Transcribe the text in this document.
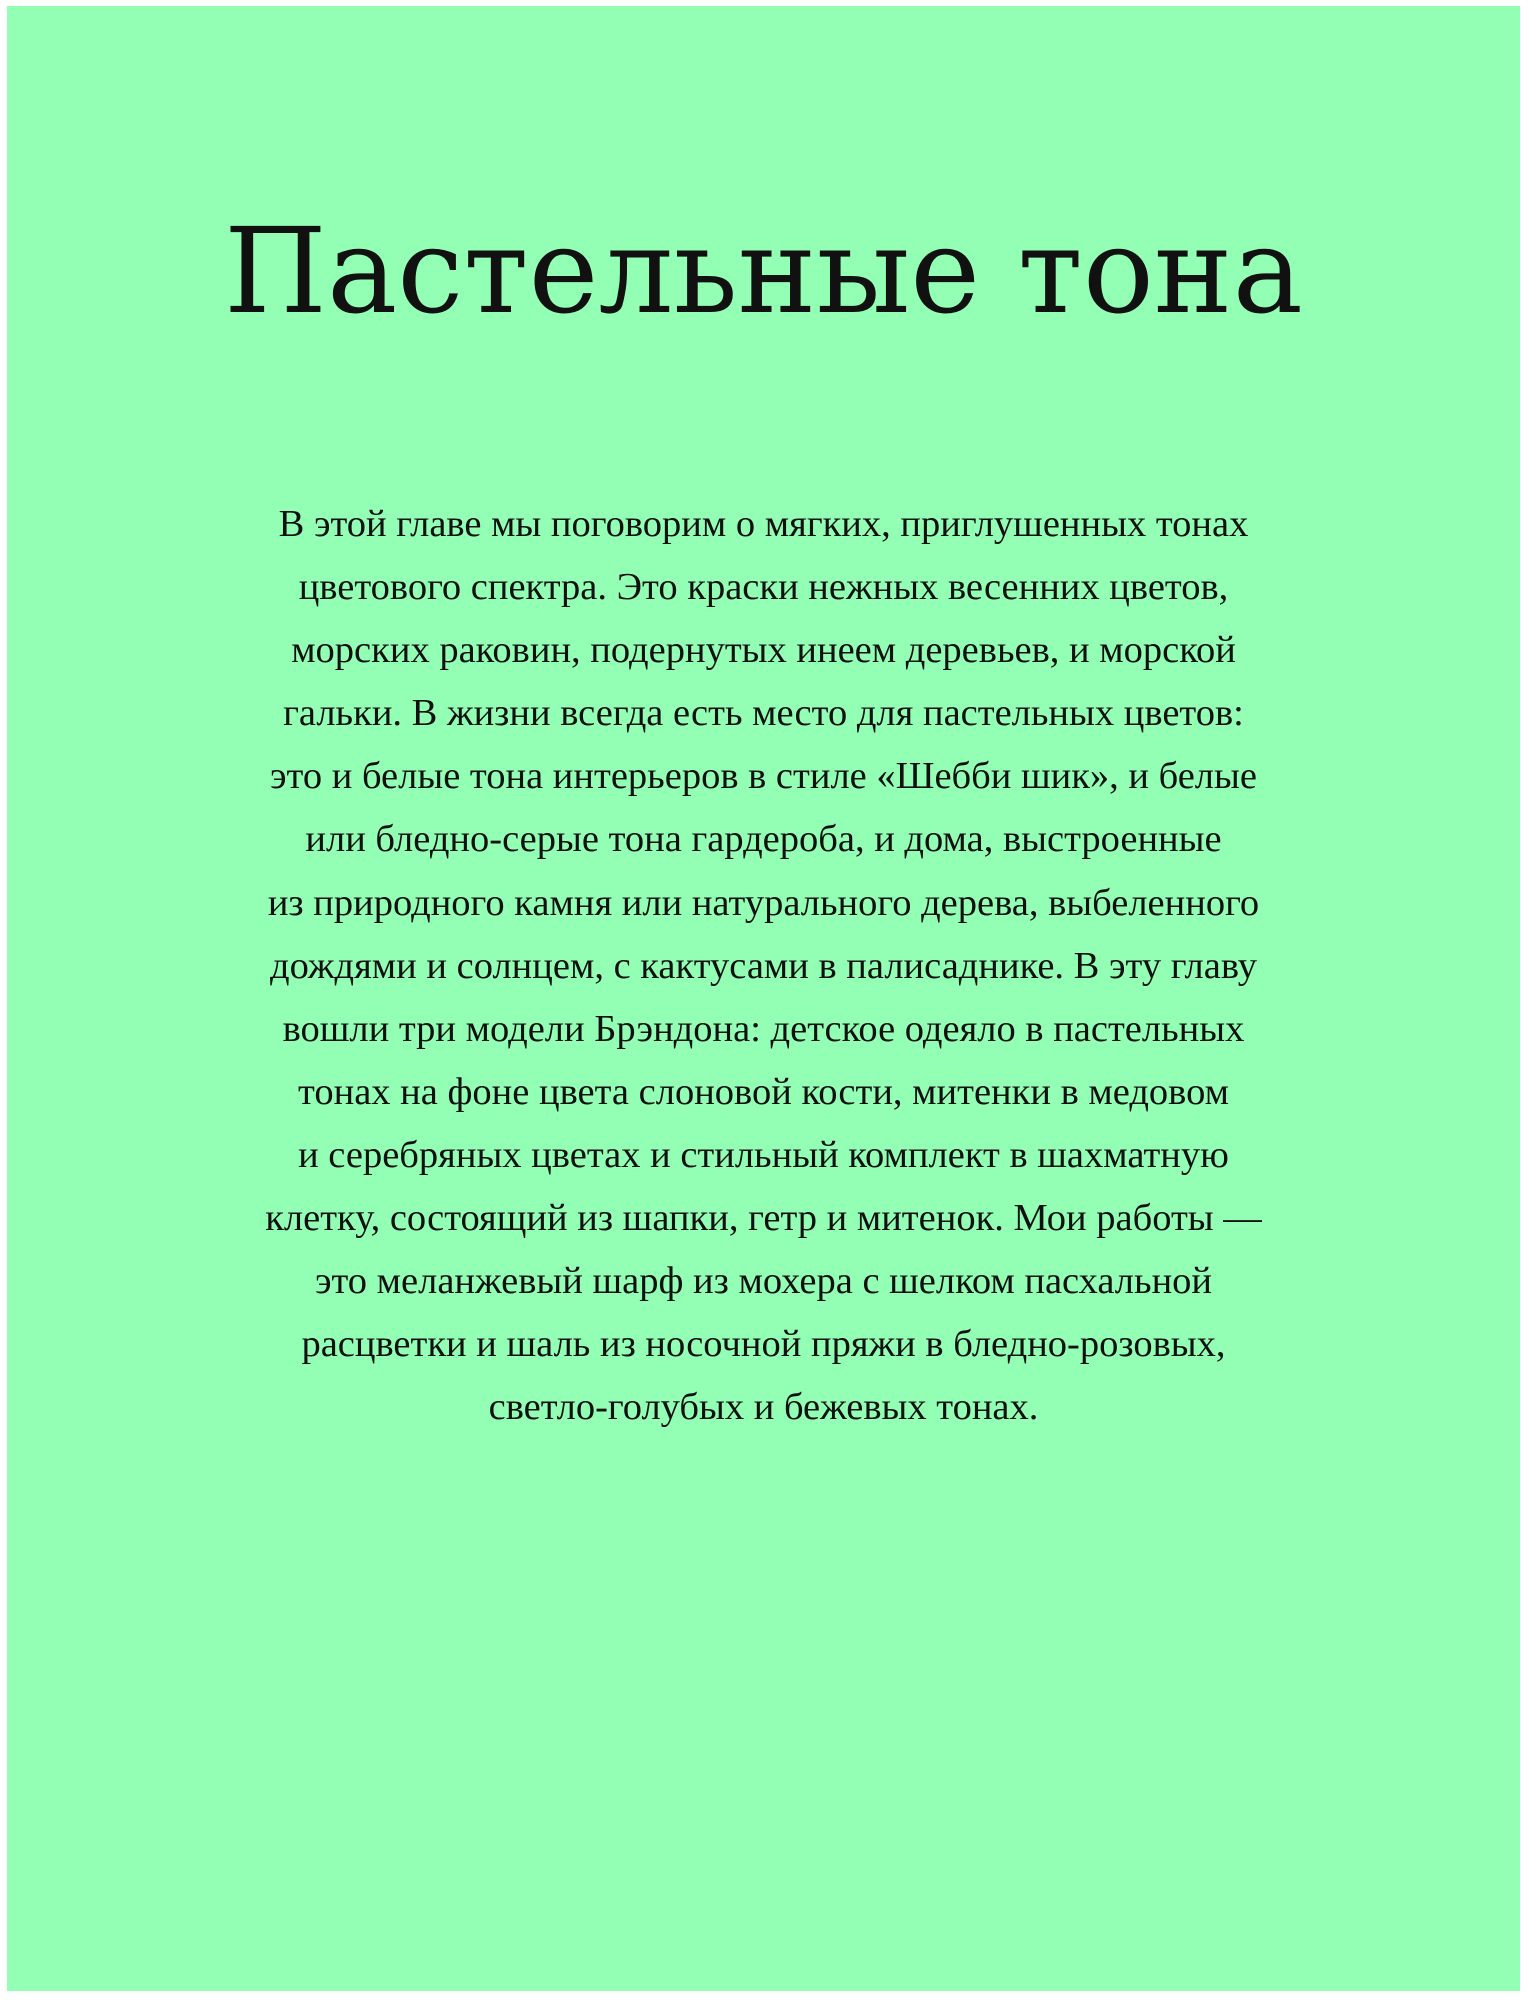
Пастельные тона
В этой главе мы поговорим о мягких, приглушенных тонах
цветового спектра. Это краски нежных весенних цветов,
морских раковин, подернутых инеем деревьев, и морской
гальки. В жизни всегда есть место для пастельных цветов:
это и белые тона интерьеров в стиле «Шебби шик», и белые
или бледно-серые тона гардероба, и дома, выстроенные
из природного камня или натурального дерева, выбеленного
дождями и солнцем, с кактусами в палисаднике. В эту главу
вошли три модели Брэндона: детское одеяло в пастельных
тонах на фоне цвета слоновой кости, митенки в медовом
и серебряных цветах и стильный комплект в шахматную
клетку, состоящий из шапки, гетр и митенок. Мои работы —
это меланжевый шарф из мохера с шелком пасхальной
расцветки и шаль из носочной пряжи в бледно-розовых,
светло-голубых и бежевых тонах.
